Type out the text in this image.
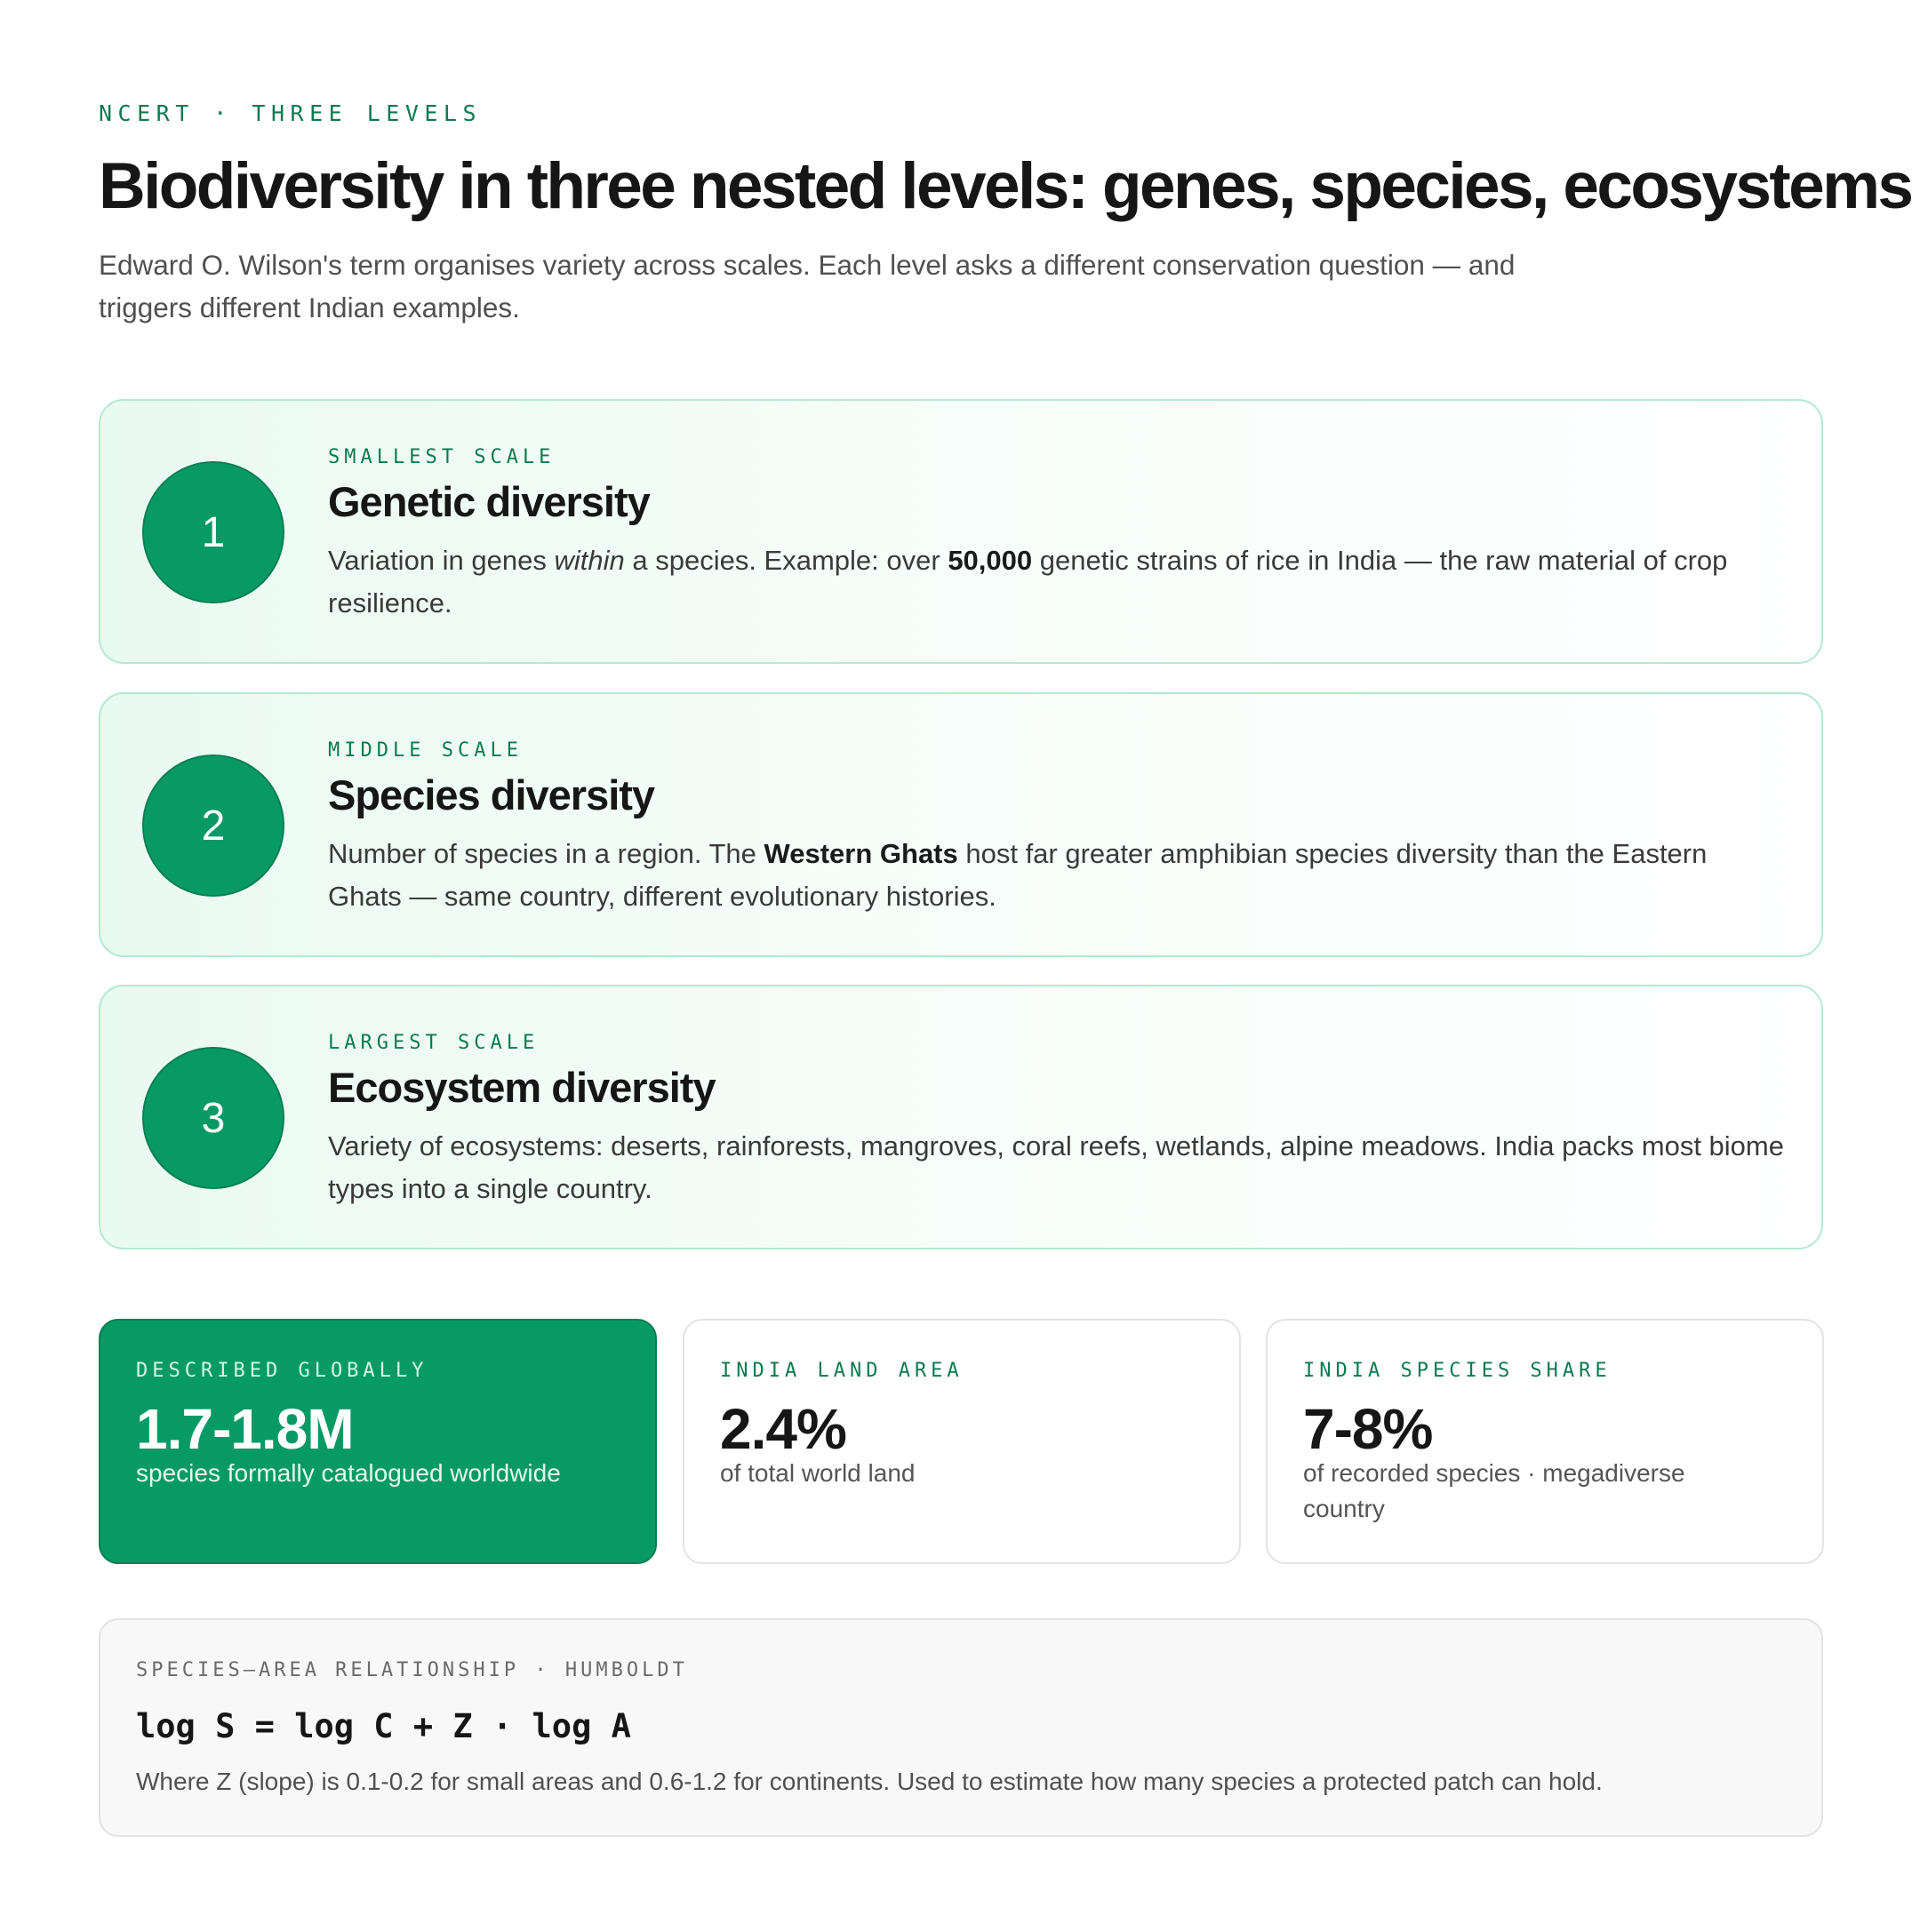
NCERT · THREE LEVELS
Biodiversity in three nested levels: genes, species, ecosystems

Edward O. Wilson's term organises variety across scales. Each level asks a different conservation question — and triggers different Indian examples.

1
SMALLEST SCALE
Genetic diversity

Variation in genes within a species. Example: over 50,000 genetic strains of rice in India — the raw material of crop resilience.

2
MIDDLE SCALE
Species diversity

Number of species in a region. The Western Ghats host far greater amphibian species diversity than the Eastern Ghats — same country, different evolutionary histories.

3
LARGEST SCALE
Ecosystem diversity

Variety of ecosystems: deserts, rainforests, mangroves, coral reefs, wetlands, alpine meadows. India packs most biome types into a single country.

DESCRIBED GLOBALLY
1.7-1.8M
species formally catalogued worldwide
INDIA LAND AREA
2.4%
of total world land
INDIA SPECIES SHARE
7-8%
of recorded species · megadiverse country
SPECIES–AREA RELATIONSHIP · HUMBOLDT
log S = log C + Z · log A
Where Z (slope) is 0.1-0.2 for small areas and 0.6-1.2 for continents. Used to estimate how many species a protected patch can hold.
